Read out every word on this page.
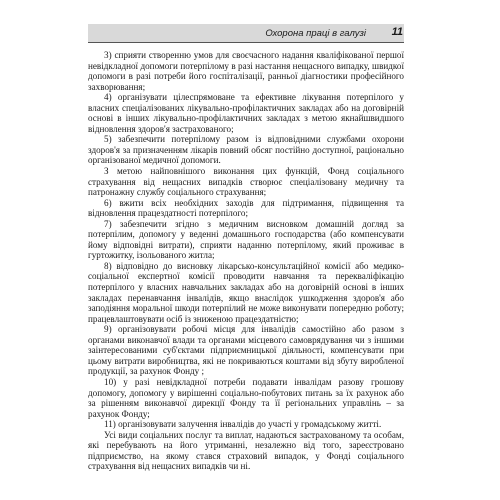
Охорона праці в галузі	11

3) сприяти створенню умов для своєчасного надання кваліфікованої першої невідкладної допомоги потерпілому в разі настання нещасного випадку, швидкої допомоги в разі потреби його госпіталізації, ранньої діагностики професійного захворювання;

4) організувати цілеспрямоване та ефективне лікування потерпілого у власних спеціалізованих лікувально-профілактичних закладах або на договірній основі в інших лікувально-профілактичних закладах з метою якнайшвидшого відновлення здоров'я застрахованого;

5) забезпечити потерпілому разом із відповідними службами охорони здоров'я за призначенням лікарів повний обсяг постійно доступної, раціонально організованої медичної допомоги.

З метою найповнішого виконання цих функцій, Фонд соціального страхування від нещасних випадків створює спеціалізовану медичну та патронажну службу соціального страхування;

6) вжити всіх необхідних заходів для підтримання, підвищення та відновлення працездатності потерпілого;

7) забезпечити згідно з медичним висновком домашній догляд за потерпілим, допомогу у веденні домашнього господарства (або компенсувати йому відповідні витрати), сприяти наданню потерпілому, який проживає в гуртожитку, ізольованого житла;

8) відповідно до висновку лікарсько-консультаційної комісії або медико-соціальної експертної комісії проводити навчання та перекваліфікацію потерпілого у власних навчальних закладах або на договірній основі в інших закладах перенавчання інвалідів, якщо внаслідок ушкодження здоров'я або заподіяння моральної шкоди потерпілий не може виконувати попередню роботу; працевлаштовувати осіб із зниженою працездатністю;

9) організовувати робочі місця для інвалідів самостійно або разом з органами виконавчої влади та органами місцевого самоврядування чи з іншими заінтересованими суб'єктами підприємницької діяльності, компенсувати при цьому витрати виробництва, які не покриваються коштами від збуту виробленої продукції, за рахунок Фонду ;

10) у разі невідкладної потреби подавати інвалідам разову грошову допомогу, допомогу у вирішенні соціально-побутових питань за їх рахунок або за рішенням виконавчої дирекції Фонду та її регіональних управлінь – за рахунок Фонду;

11) організовувати залучення інвалідів до участі у громадському житті.

Усі види соціальних послуг та виплат, надаються застрахованому та особам, які перебувають на його утриманні, незалежно від того, зареєстровано підприємство, на якому стався страховий випадок, у Фонді соціального страхування від нещасних випадків чи ні.
